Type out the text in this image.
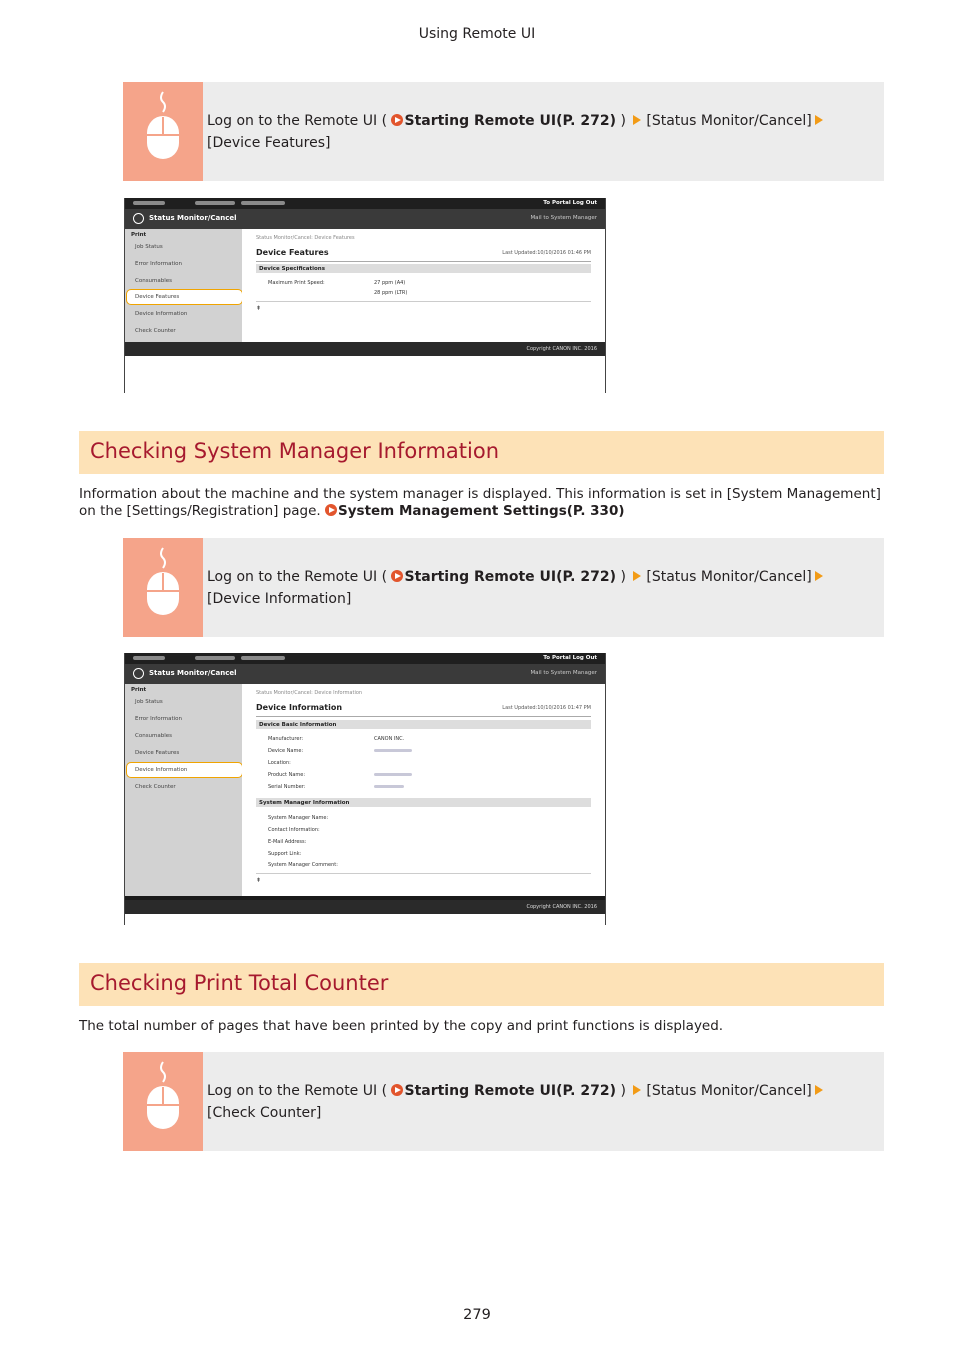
Using Remote UI
Log on to the Remote UI ( Starting Remote UI(P. 272) ) [Status Monitor/Cancel] [Device Features]
To Portal Log Out
Status Monitor/Cancel	Mail to System Manager
Print
Job Status
Error Information
Consumables
Device Features
Device Information
Check Counter
Status Monitor/Cancel: Device Features
Device Features	Last Updated:10/10/2016 01:46 PM
Device Specifications
Maximum Print Speed:	27 ppm (A4)
28 ppm (LTR)
⇞
Copyright CANON INC. 2016
Checking System Manager Information
Information about the machine and the system manager is displayed. This information is set in [System Management]
on the [Settings/Registration] page. System Management Settings(P. 330)
Log on to the Remote UI ( Starting Remote UI(P. 272) ) [Status Monitor/Cancel] [Device Information]
To Portal Log Out
Status Monitor/Cancel	Mail to System Manager
Print
Job Status
Error Information
Consumables
Device Features
Device Information
Check Counter
Status Monitor/Cancel: Device Information
Device Information	Last Updated:10/10/2016 01:47 PM
Device Basic Information
Manufacturer:	CANON INC.
Device Name:
Location:
Product Name:
Serial Number:
System Manager Information
System Manager Name:
Contact Information:
E-Mail Address:
Support Link:
System Manager Comment:
⇞
Copyright CANON INC. 2016
Checking Print Total Counter
The total number of pages that have been printed by the copy and print functions is displayed.
Log on to the Remote UI ( Starting Remote UI(P. 272) ) [Status Monitor/Cancel] [Check Counter]
279
